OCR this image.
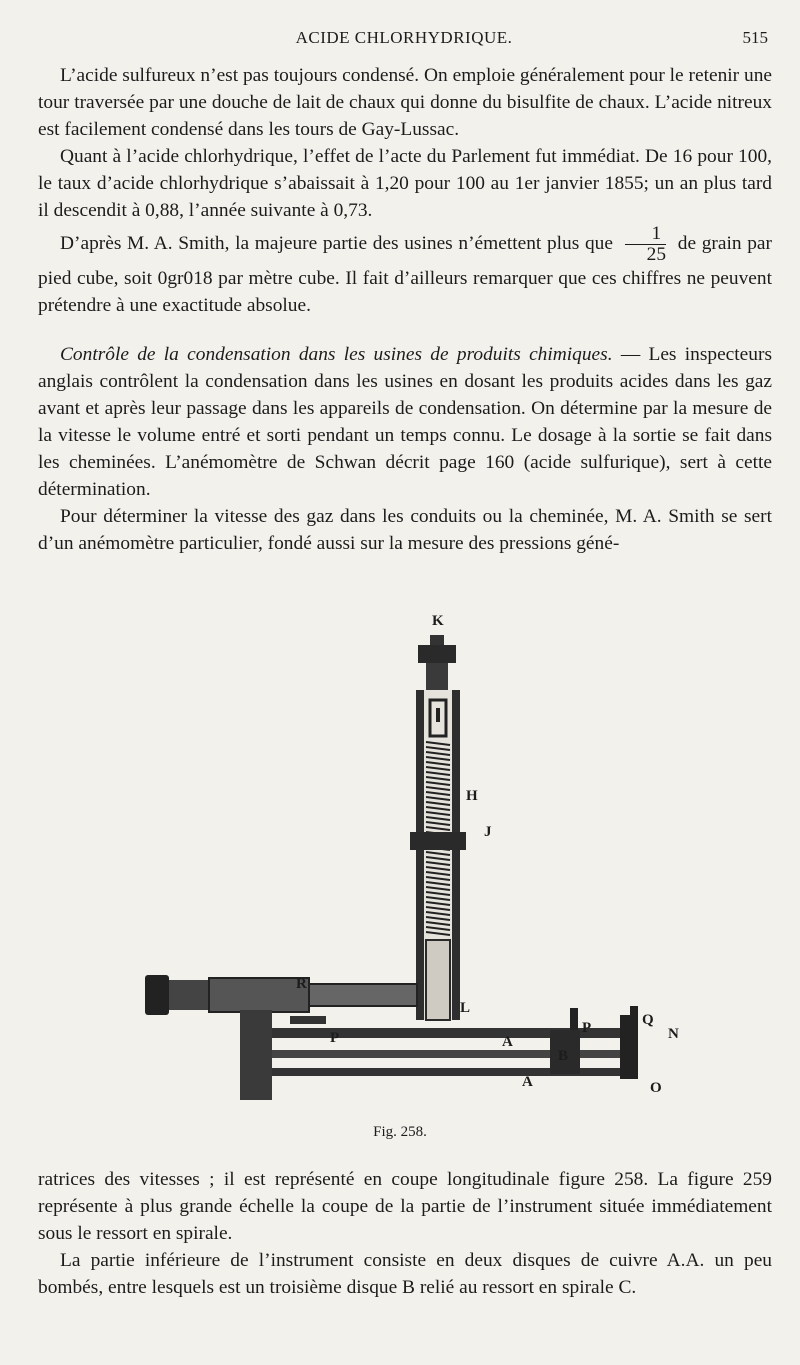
ACIDE CHLORHYDRIQUE.	515

L’acide sulfureux n’est pas toujours condensé. On emploie généralement pour le retenir une tour traversée par une douche de lait de chaux qui donne du bisulfite de chaux. L’acide nitreux est facilement condensé dans les tours de Gay-Lussac.

Quant à l’acide chlorhydrique, l’effet de l’acte du Parlement fut immédiat. De 16 pour 100, le taux d’acide chlorhydrique s’abaissait à 1,20 pour 100 au 1er janvier 1855; un an plus tard il descendit à 0,88, l’année suivante à 0,73.

D’après M. A. Smith, la majeure partie des usines n’émettent plus que $\frac{1}{25}$ de grain par pied cube, soit 0gr018 par mètre cube. Il fait d’ailleurs remarquer que ces chiffres ne peuvent prétendre à une exactitude absolue.

Contrôle de la condensation dans les usines de produits chimiques. — Les inspecteurs anglais contrôlent la condensation dans les usines en dosant les produits acides dans les gaz avant et après leur passage dans les appareils de condensation. On détermine par la mesure de la vitesse le volume entré et sorti pendant un temps connu. Le dosage à la sortie se fait dans les cheminées. L’anémomètre de Schwan décrit page 160 (acide sulfurique), sert à cette détermination.

Pour déterminer la vitesse des gaz dans les conduits ou la cheminée, M. A. Smith se sert d’un anémomètre particulier, fondé aussi sur la mesure des pressions géné-

K
H
J
R
P
L
A
B
P	Q
N
A	O
Fig. 258.

ratrices des vitesses ; il est représenté en coupe longitudinale figure 258. La figure 259 représente à plus grande échelle la coupe de la partie de l’instrument située immédiatement sous le ressort en spirale.

La partie inférieure de l’instrument consiste en deux disques de cuivre A.A. un peu bombés, entre lesquels est un troisième disque B relié au ressort en spirale C.
